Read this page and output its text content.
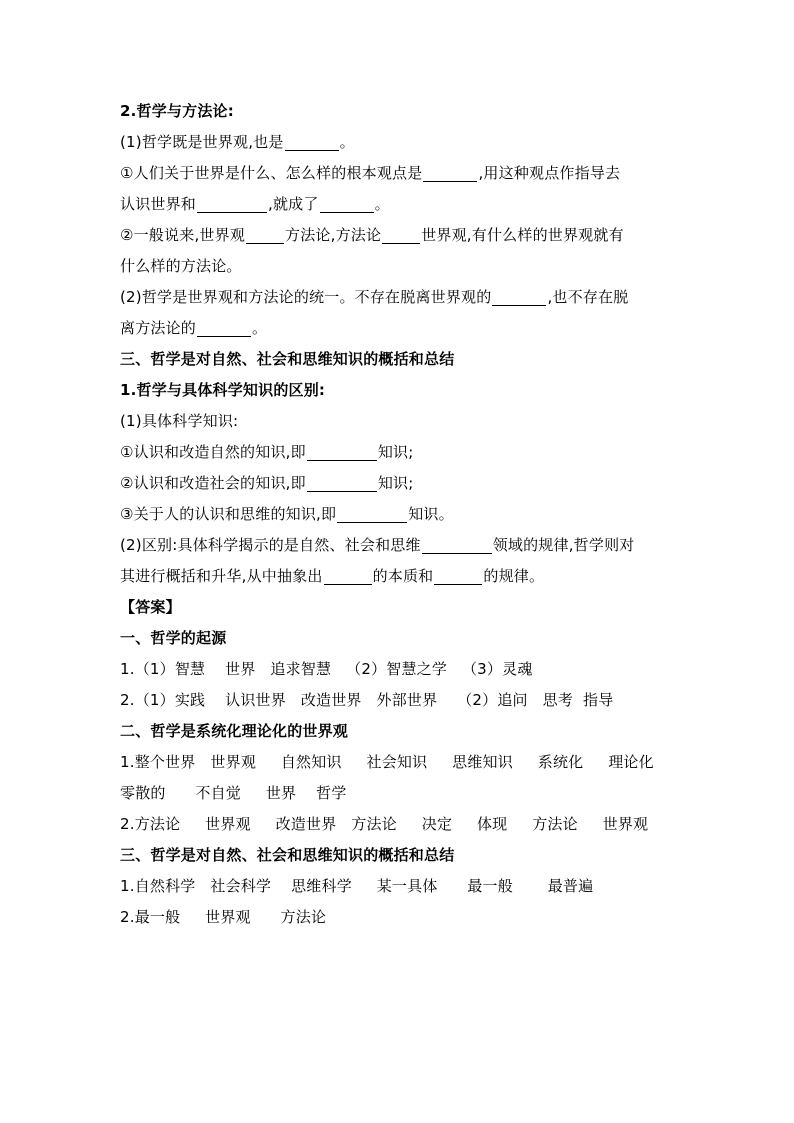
2.哲学与方法论:
(1)哲学既是世界观,也是	。
①人们关于世界是什么、怎么样的根本观点是	,用这种观点作指导去
认识世界和	,就成了	。
②一般说来,世界观	方法论,方法论	世界观,有什么样的世界观就有
什么样的方法论。
(2)哲学是世界观和方法论的统一。不存在脱离世界观的	,也不存在脱
离方法论的	。
三、哲学是对自然、社会和思维知识的概括和总结
1.哲学与具体科学知识的区别:
(1)具体科学知识:
①认识和改造自然的知识,即	知识;
②认识和改造社会的知识,即	知识;
③关于人的认识和思维的知识,即	知识。
(2)区别:具体科学揭示的是自然、社会和思维	领域的规律,哲学则对
其进行概括和升华,从中抽象出	的本质和	的规律。
【答案】
一、哲学的起源
1.（1）智慧    世界   追求智慧   （2）智慧之学   （3）灵魂
2.（1）实践    认识世界   改造世界   外部世界    （2）追问   思考  指导
二、哲学是系统化理论化的世界观
1.整个世界   世界观     自然知识     社会知识     思维知识     系统化     理论化
零散的      不自觉     世界    哲学
2.方法论     世界观     改造世界   方法论     决定     体现     方法论     世界观
三、哲学是对自然、社会和思维知识的概括和总结
1.自然科学   社会科学    思维科学     某一具体      最一般       最普遍
2.最一般     世界观      方法论
